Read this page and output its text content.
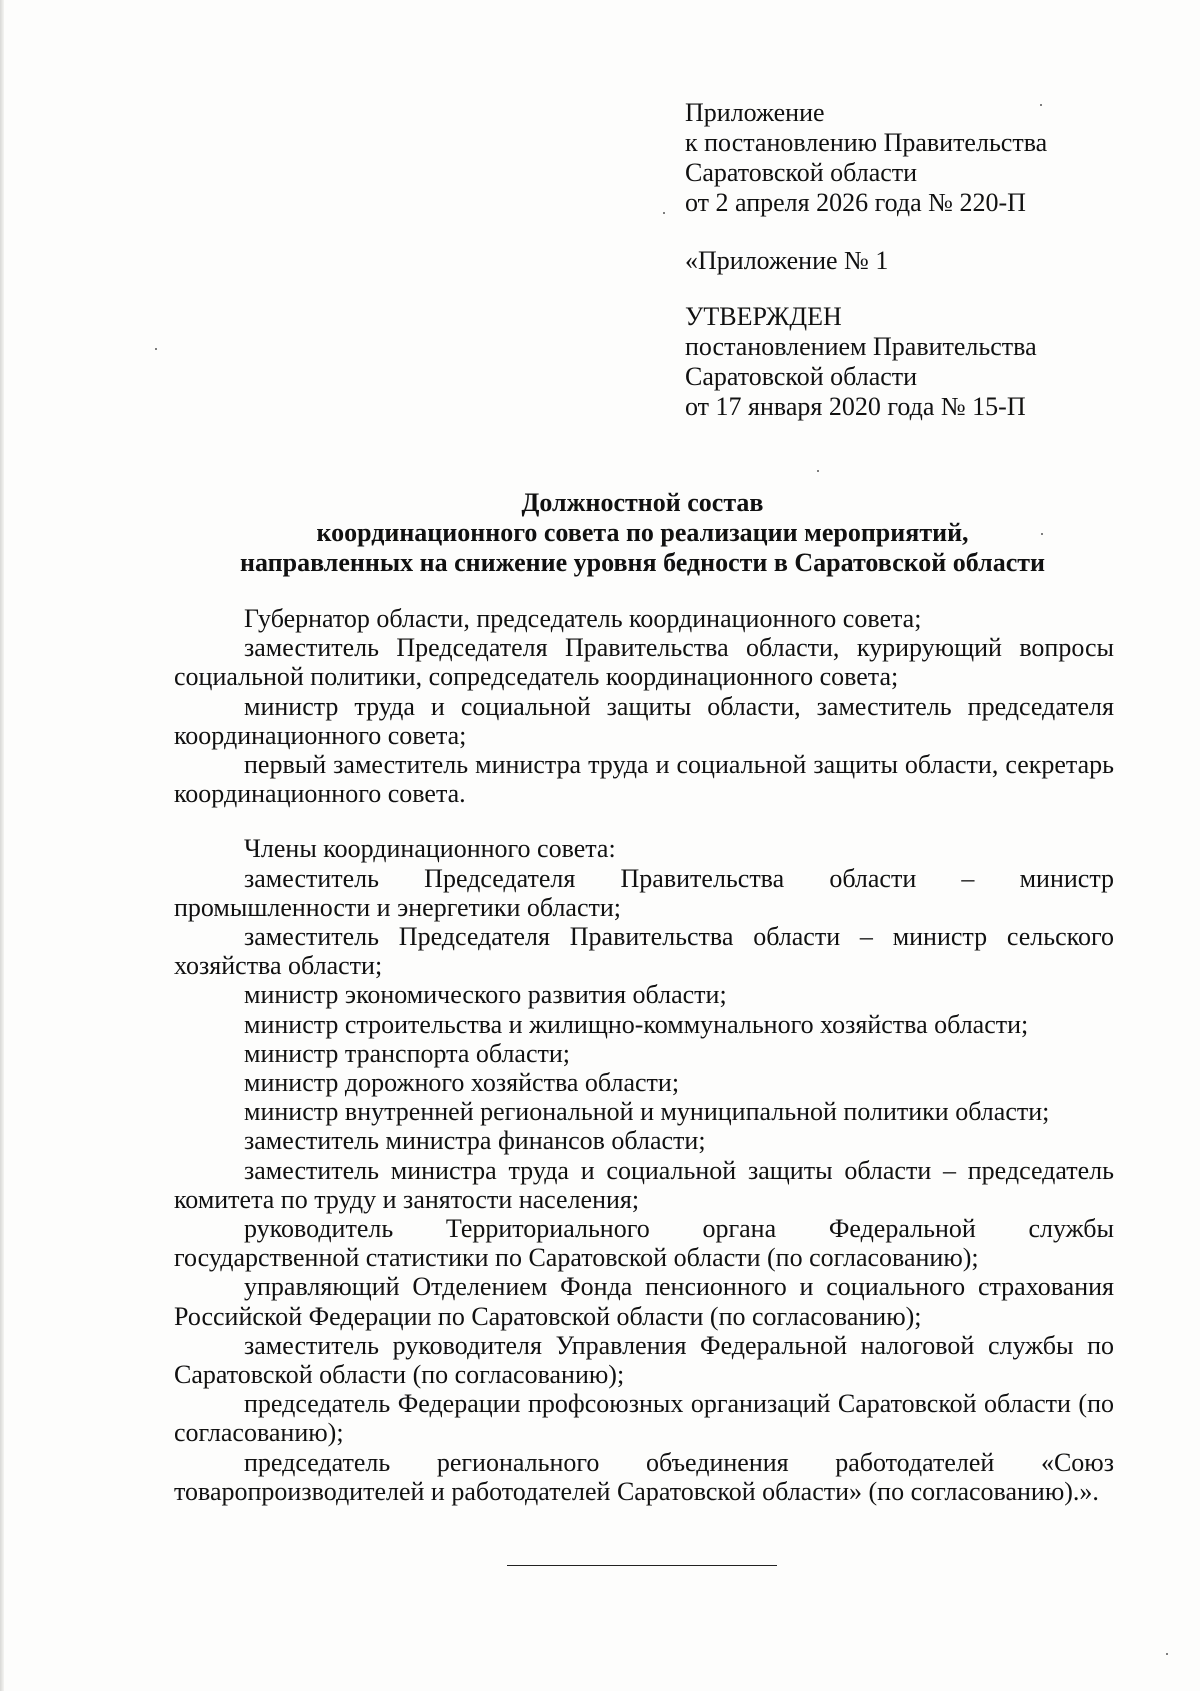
Приложение
к постановлению Правительства
Саратовской области
от 2 апреля 2026 года № 220-П
«Приложение № 1
УТВЕРЖДЕН
постановлением Правительства
Саратовской области
от 17 января 2020 года № 15-П
Должностной состав
координационного совета по реализации мероприятий,
направленных на снижение уровня бедности в Саратовской области

Губернатор области, председатель координационного совета;

заместитель Председателя Правительства области, курирующий вопросы социальной политики, сопредседатель координационного совета;

министр труда и социальной защиты области, заместитель председателя координационного совета;

первый заместитель министра труда и социальной защиты области, секретарь координационного совета.

Члены координационного совета:

заместитель Председателя Правительства области – министр промышленности и энергетики области;

заместитель Председателя Правительства области – министр сельского хозяйства области;

министр экономического развития области;

министр строительства и жилищно-коммунального хозяйства области;

министр транспорта области;

министр дорожного хозяйства области;

министр внутренней региональной и муниципальной политики области;

заместитель министра финансов области;

заместитель министра труда и социальной защиты области – председатель комитета по труду и занятости населения;

руководитель Территориального органа Федеральной службы государственной статистики по Саратовской области (по согласованию);

управляющий Отделением Фонда пенсионного и социального страхования Российской Федерации по Саратовской области (по согласованию);

заместитель руководителя Управления Федеральной налоговой службы по Саратовской области (по согласованию);

председатель Федерации профсоюзных организаций Саратовской области (по согласованию);

председатель регионального объединения работодателей «Союз товаропроизводителей и работодателей Саратовской области» (по согласованию).».
